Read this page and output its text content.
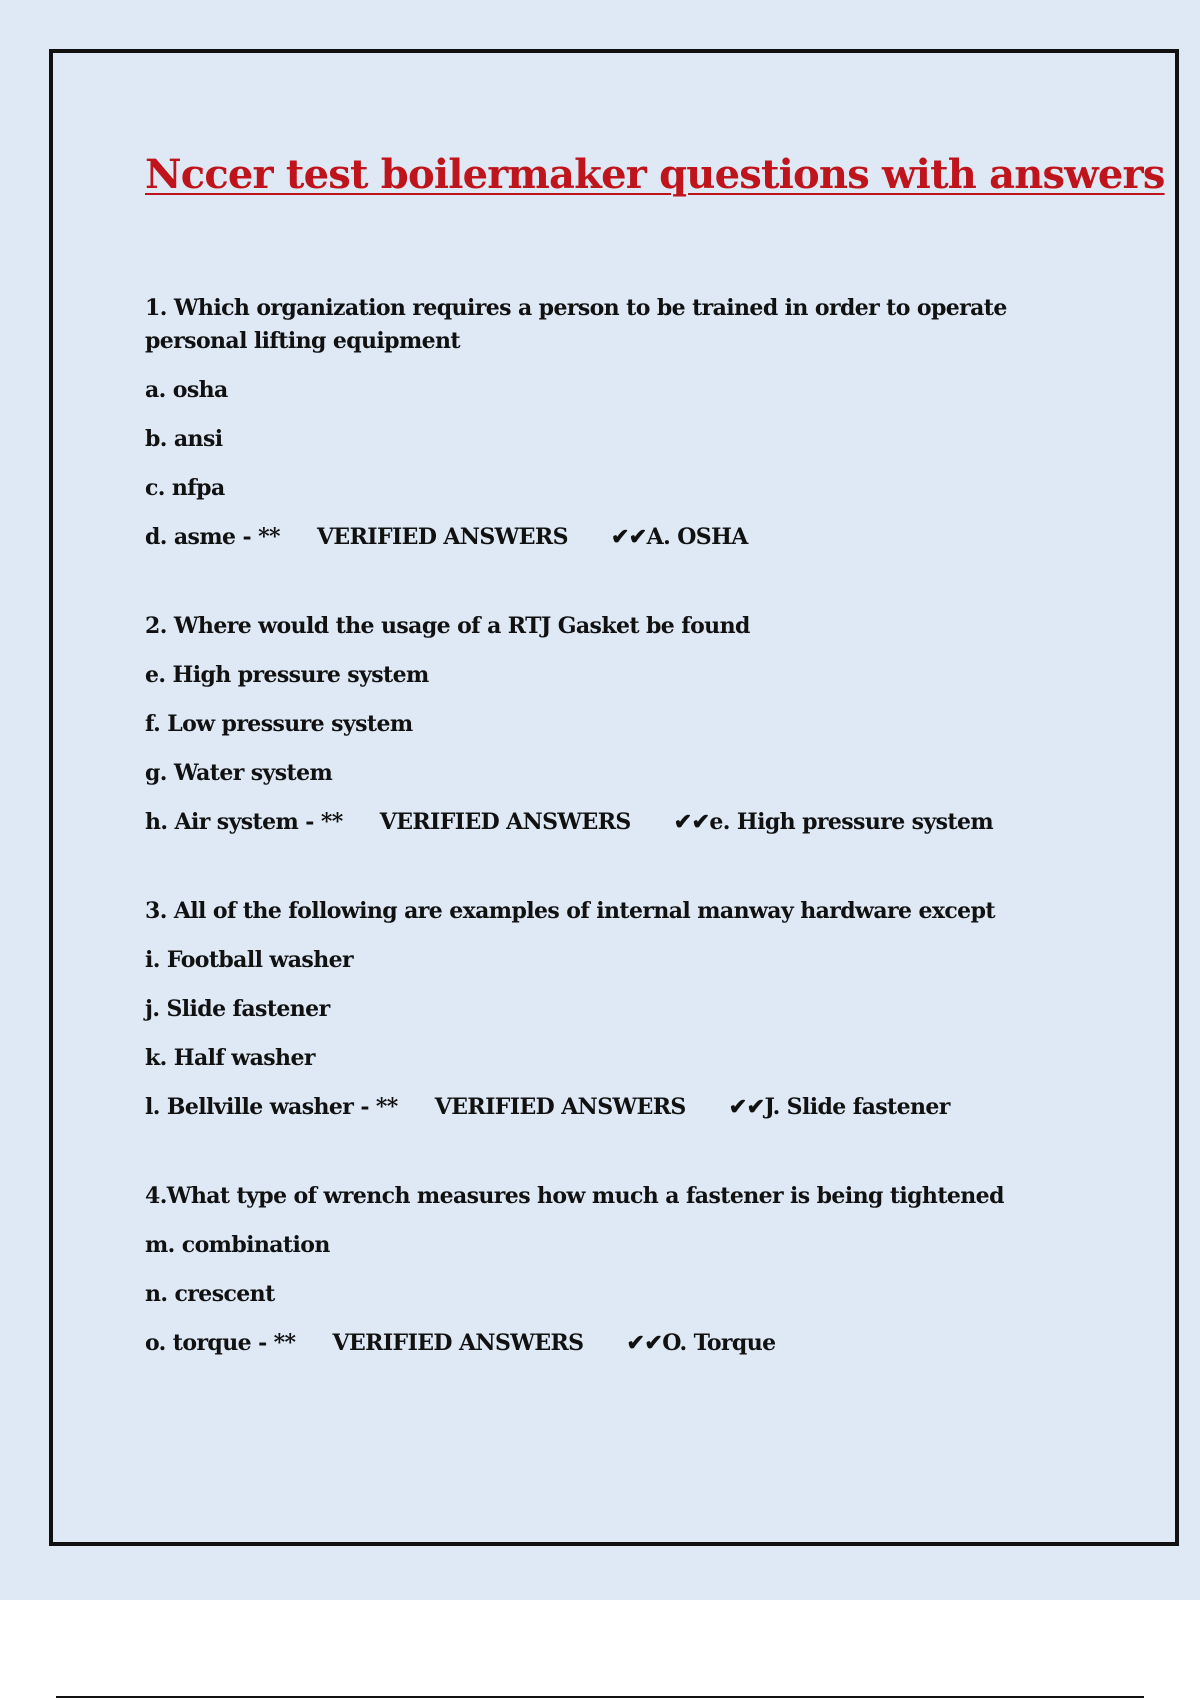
Nccer test boilermaker questions with answers

1. Which organization requires a person to be trained in order to operate personal lifting equipment

a. osha
b. ansi
c. nfpa
d. asme - ** VERIFIED ANSWERS ✔✔A. OSHA

2. Where would the usage of a RTJ Gasket be found

e. High pressure system
f. Low pressure system
g. Water system
h. Air system - ** VERIFIED ANSWERS ✔✔e. High pressure system

3. All of the following are examples of internal manway hardware except

i. Football washer
j. Slide fastener
k. Half washer
l. Bellville washer - ** VERIFIED ANSWERS ✔✔J. Slide fastener

4.What type of wrench measures how much a fastener is being tightened

m. combination
n. crescent
o. torque - ** VERIFIED ANSWERS ✔✔O. Torque
